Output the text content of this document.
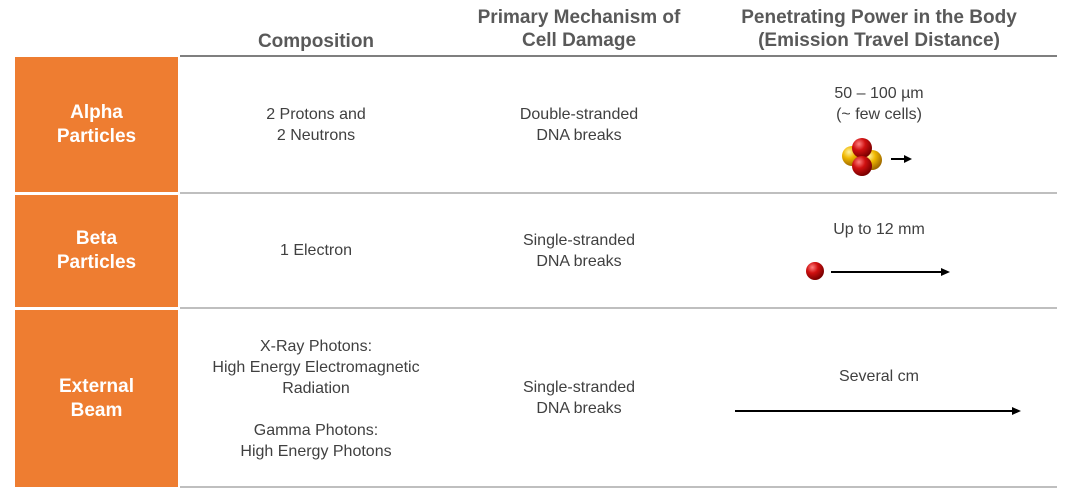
Composition
Primary Mechanism of
Cell Damage
Penetrating Power in the Body
(Emission Travel Distance)
Alpha
Particles
Beta
Particles
External
Beam
2 Protons and
2 Neutrons
Double-stranded
DNA breaks
50 – 100 µm
(~ few cells)
1 Electron
Single-stranded
DNA breaks
Up to 12 mm
X-Ray Photons:
High Energy Electromagnetic
Radiation
Gamma Photons:
High Energy Photons
Single-stranded
DNA breaks
Several cm
